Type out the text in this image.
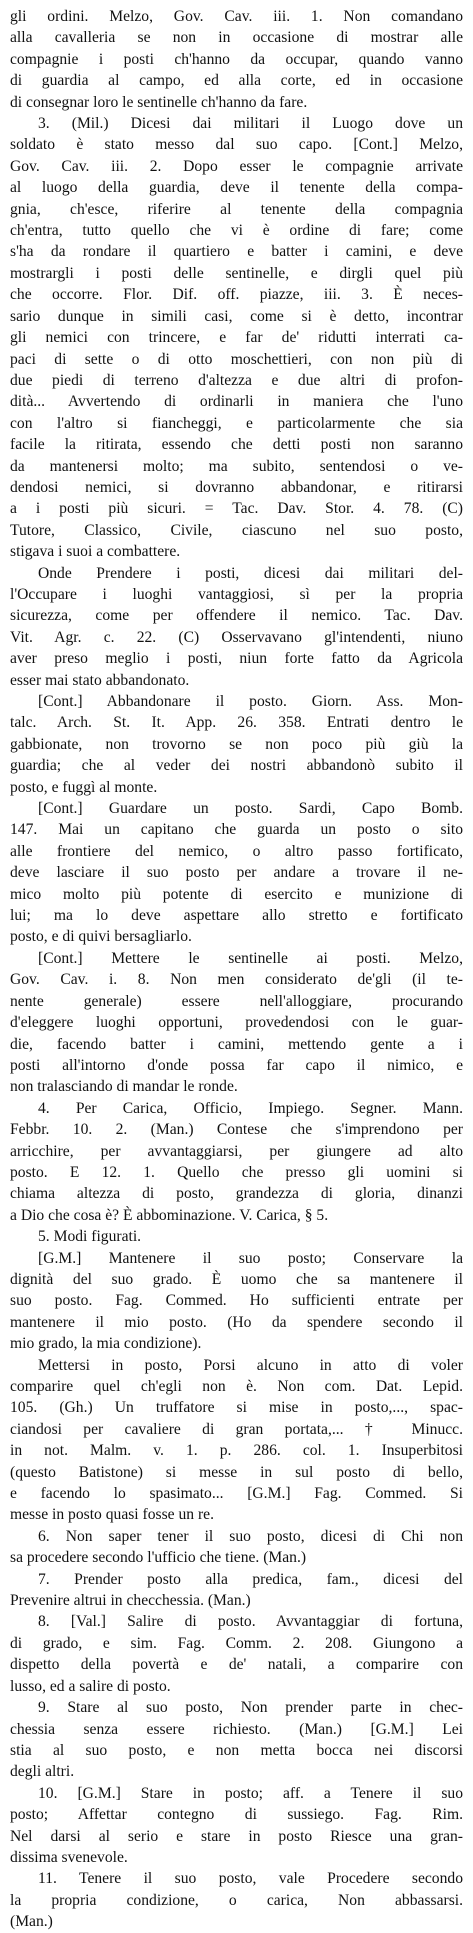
gli ordini. Melzo, Gov. Cav. iii. 1. Non comandano
alla cavalleria se non in occasione di mostrar alle
compagnie i posti ch'hanno da occupar, quando vanno
di guardia al campo, ed alla corte, ed in occasione
di consegnar loro le sentinelle ch'hanno da fare.
3. (Mil.) Dicesi dai militari il Luogo dove un
soldato è stato messo dal suo capo. [Cont.] Melzo,
Gov. Cav. iii. 2. Dopo esser le compagnie arrivate
al luogo della guardia, deve il tenente della compa-
gnia, ch'esce, riferire al tenente della compagnia
ch'entra, tutto quello che vi è ordine di fare; come
s'ha da rondare il quartiero e batter i camini, e deve
mostrargli i posti delle sentinelle, e dirgli quel più
che occorre. Flor. Dif. off. piazze, iii. 3. È neces-
sario dunque in simili casi, come si è detto, incontrar
gli nemici con trincere, e far de' ridutti interrati ca-
paci di sette o di otto moschettieri, con non più di
due piedi di terreno d'altezza e due altri di profon-
dità... Avvertendo di ordinarli in maniera che l'uno
con l'altro si fiancheggi, e particolarmente che sia
facile la ritirata, essendo che detti posti non saranno
da mantenersi molto; ma subito, sentendosi o ve-
dendosi nemici, si dovranno abbandonar, e ritirarsi
a i posti più sicuri. = Tac. Dav. Stor. 4. 78. (C)
Tutore, Classico, Civile, ciascuno nel suo posto,
stigava i suoi a combattere.
Onde Prendere i posti, dicesi dai militari del-
l'Occupare i luoghi vantaggiosi, sì per la propria
sicurezza, come per offendere il nemico. Tac. Dav.
Vit. Agr. c. 22. (C) Osservavano gl'intendenti, niuno
aver preso meglio i posti, niun forte fatto da Agricola
esser mai stato abbandonato.
[Cont.] Abbandonare il posto. Giorn. Ass. Mon-
talc. Arch. St. It. App. 26. 358. Entrati dentro le
gabbionate, non trovorno se non poco più giù la
guardia; che al veder dei nostri abbandonò subito il
posto, e fuggì al monte.
[Cont.] Guardare un posto. Sardi, Capo Bomb.
147. Mai un capitano che guarda un posto o sito
alle frontiere del nemico, o altro passo fortificato,
deve lasciare il suo posto per andare a trovare il ne-
mico molto più potente di esercito e munizione di
lui; ma lo deve aspettare allo stretto e fortificato
posto, e di quivi bersagliarlo.
[Cont.] Mettere le sentinelle ai posti. Melzo,
Gov. Cav. i. 8. Non men considerato de'gli (il te-
nente generale) essere nell'alloggiare, procurando
d'eleggere luoghi opportuni, provedendosi con le guar-
die, facendo batter i camini, mettendo gente a i
posti all'intorno d'onde possa far capo il nimico, e
non tralasciando di mandar le ronde.
4. Per Carica, Officio, Impiego. Segner. Mann.
Febbr. 10. 2. (Man.) Contese che s'imprendono per
arricchire, per avvantaggiarsi, per giungere ad alto
posto. E 12. 1. Quello che presso gli uomini si
chiama altezza di posto, grandezza di gloria, dinanzi
a Dio che cosa è? È abbominazione. V. Carica, § 5.
5. Modi figurati.
[G.M.] Mantenere il suo posto; Conservare la
dignità del suo grado. È uomo che sa mantenere il
suo posto. Fag. Commed. Ho sufficienti entrate per
mantenere il mio posto. (Ho da spendere secondo il
mio grado, la mia condizione).
Mettersi in posto, Porsi alcuno in atto di voler
comparire quel ch'egli non è. Non com. Dat. Lepid.
105. (Gh.) Un truffatore si mise in posto,..., spac-
ciandosi per cavaliere di gran portata,... † Minucc.
in not. Malm. v. 1. p. 286. col. 1. Insuperbitosi
(questo Batistone) si messe in sul posto di bello,
e facendo lo spasimato... [G.M.] Fag. Commed. Si
messe in posto quasi fosse un re.
6. Non saper tener il suo posto, dicesi di Chi non
sa procedere secondo l'ufficio che tiene. (Man.)
7. Prender posto alla predica, fam., dicesi del
Prevenire altrui in checchessia. (Man.)
8. [Val.] Salire di posto. Avvantaggiar di fortuna,
di grado, e sim. Fag. Comm. 2. 208. Giungono a
dispetto della povertà e de' natali, a comparire con
lusso, ed a salire di posto.
9. Stare al suo posto, Non prender parte in chec-
chessia senza essere richiesto. (Man.) [G.M.] Lei
stia al suo posto, e non metta bocca nei discorsi
degli altri.
10. [G.M.] Stare in posto; aff. a Tenere il suo
posto; Affettar contegno di sussiego. Fag. Rim.
Nel darsi al serio e stare in posto Riesce una gran-
dissima svenevole.
11. Tenere il suo posto, vale Procedere secondo
la propria condizione, o carica, Non abbassarsi.
(Man.)
